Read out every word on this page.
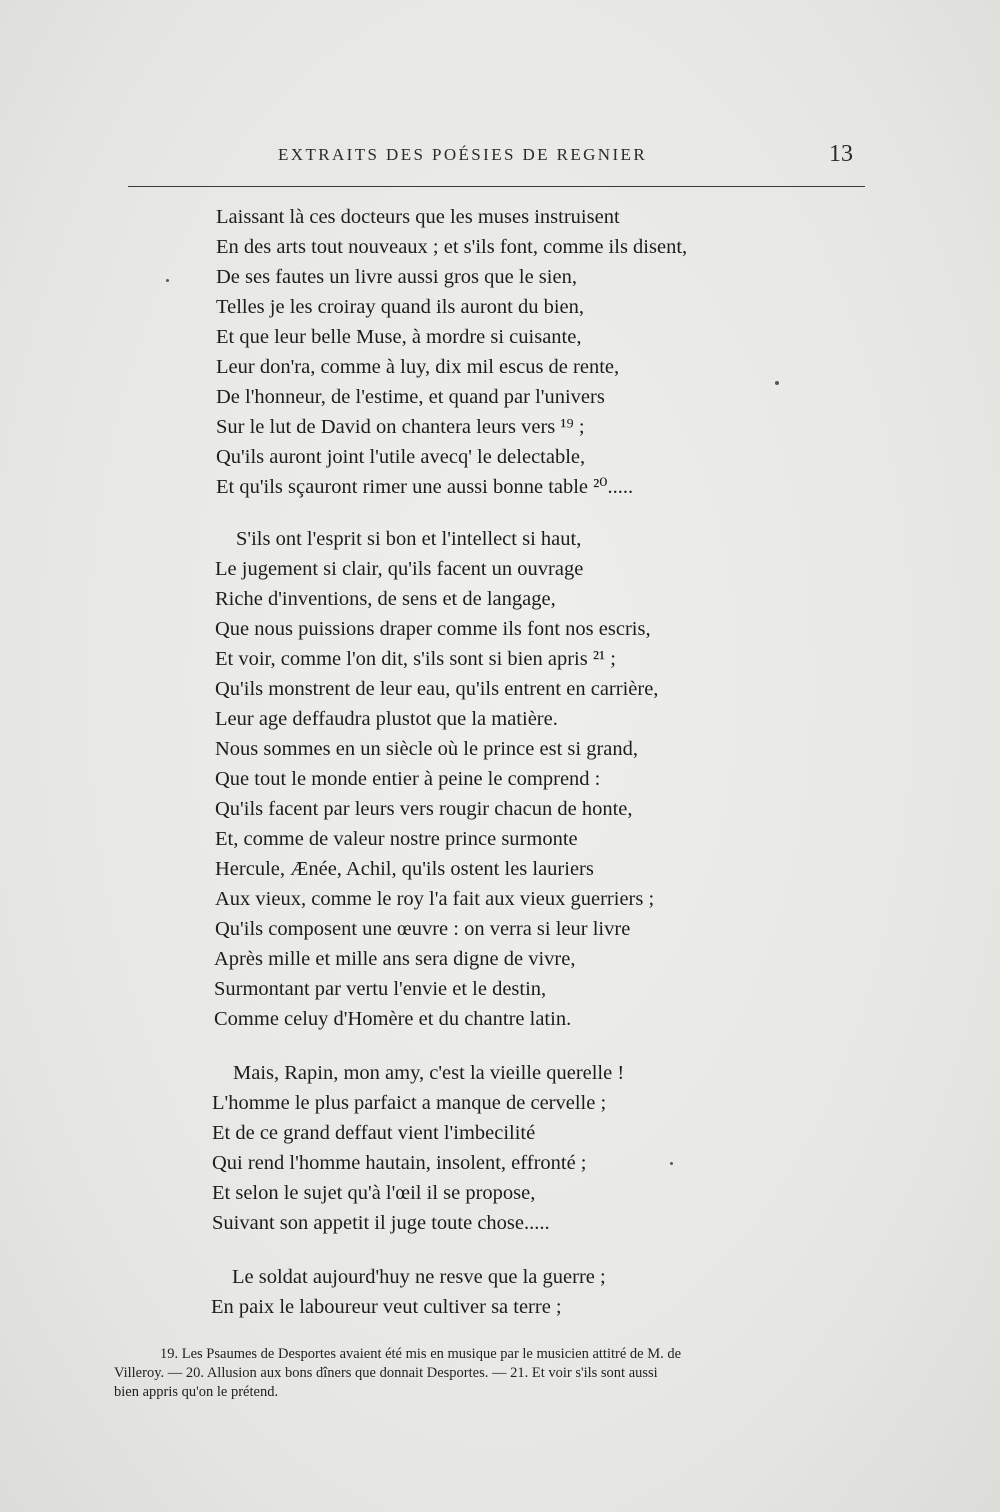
EXTRAITS DES POÉSIES DE REGNIER	13
Laissant là ces docteurs que les muses instruisent
En des arts tout nouveaux ; et s'ils font, comme ils disent,
De ses fautes un livre aussi gros que le sien,
Telles je les croiray quand ils auront du bien,
Et que leur belle Muse, à mordre si cuisante,
Leur don'ra, comme à luy, dix mil escus de rente,
De l'honneur, de l'estime, et quand par l'univers
Sur le lut de David on chantera leurs vers ¹⁹ ;
Qu'ils auront joint l'utile avecq' le delectable,
Et qu'ils sçauront rimer une aussi bonne table ²⁰.....
S'ils ont l'esprit si bon et l'intellect si haut,
Le jugement si clair, qu'ils facent un ouvrage
Riche d'inventions, de sens et de langage,
Que nous puissions draper comme ils font nos escris,
Et voir, comme l'on dit, s'ils sont si bien apris ²¹ ;
Qu'ils monstrent de leur eau, qu'ils entrent en carrière,
Leur age deffaudra plustot que la matière.
Nous sommes en un siècle où le prince est si grand,
Que tout le monde entier à peine le comprend :
Qu'ils facent par leurs vers rougir chacun de honte,
Et, comme de valeur nostre prince surmonte
Hercule, Ænée, Achil, qu'ils ostent les lauriers
Aux vieux, comme le roy l'a fait aux vieux guerriers ;
Qu'ils composent une œuvre : on verra si leur livre
Après mille et mille ans sera digne de vivre,
Surmontant par vertu l'envie et le destin,
Comme celuy d'Homère et du chantre latin.
Mais, Rapin, mon amy, c'est la vieille querelle !
L'homme le plus parfaict a manque de cervelle ;
Et de ce grand deffaut vient l'imbecilité
Qui rend l'homme hautain, insolent, effronté ;
Et selon le sujet qu'à l'œil il se propose,
Suivant son appetit il juge toute chose.....
Le soldat aujourd'huy ne resve que la guerre ;
En paix le laboureur veut cultiver sa terre ;
19. Les Psaumes de Desportes avaient été mis en musique par le musicien attitré de M. de
Villeroy. — 20. Allusion aux bons dîners que donnait Desportes. — 21. Et voir s'ils sont aussi
bien appris qu'on le prétend.
